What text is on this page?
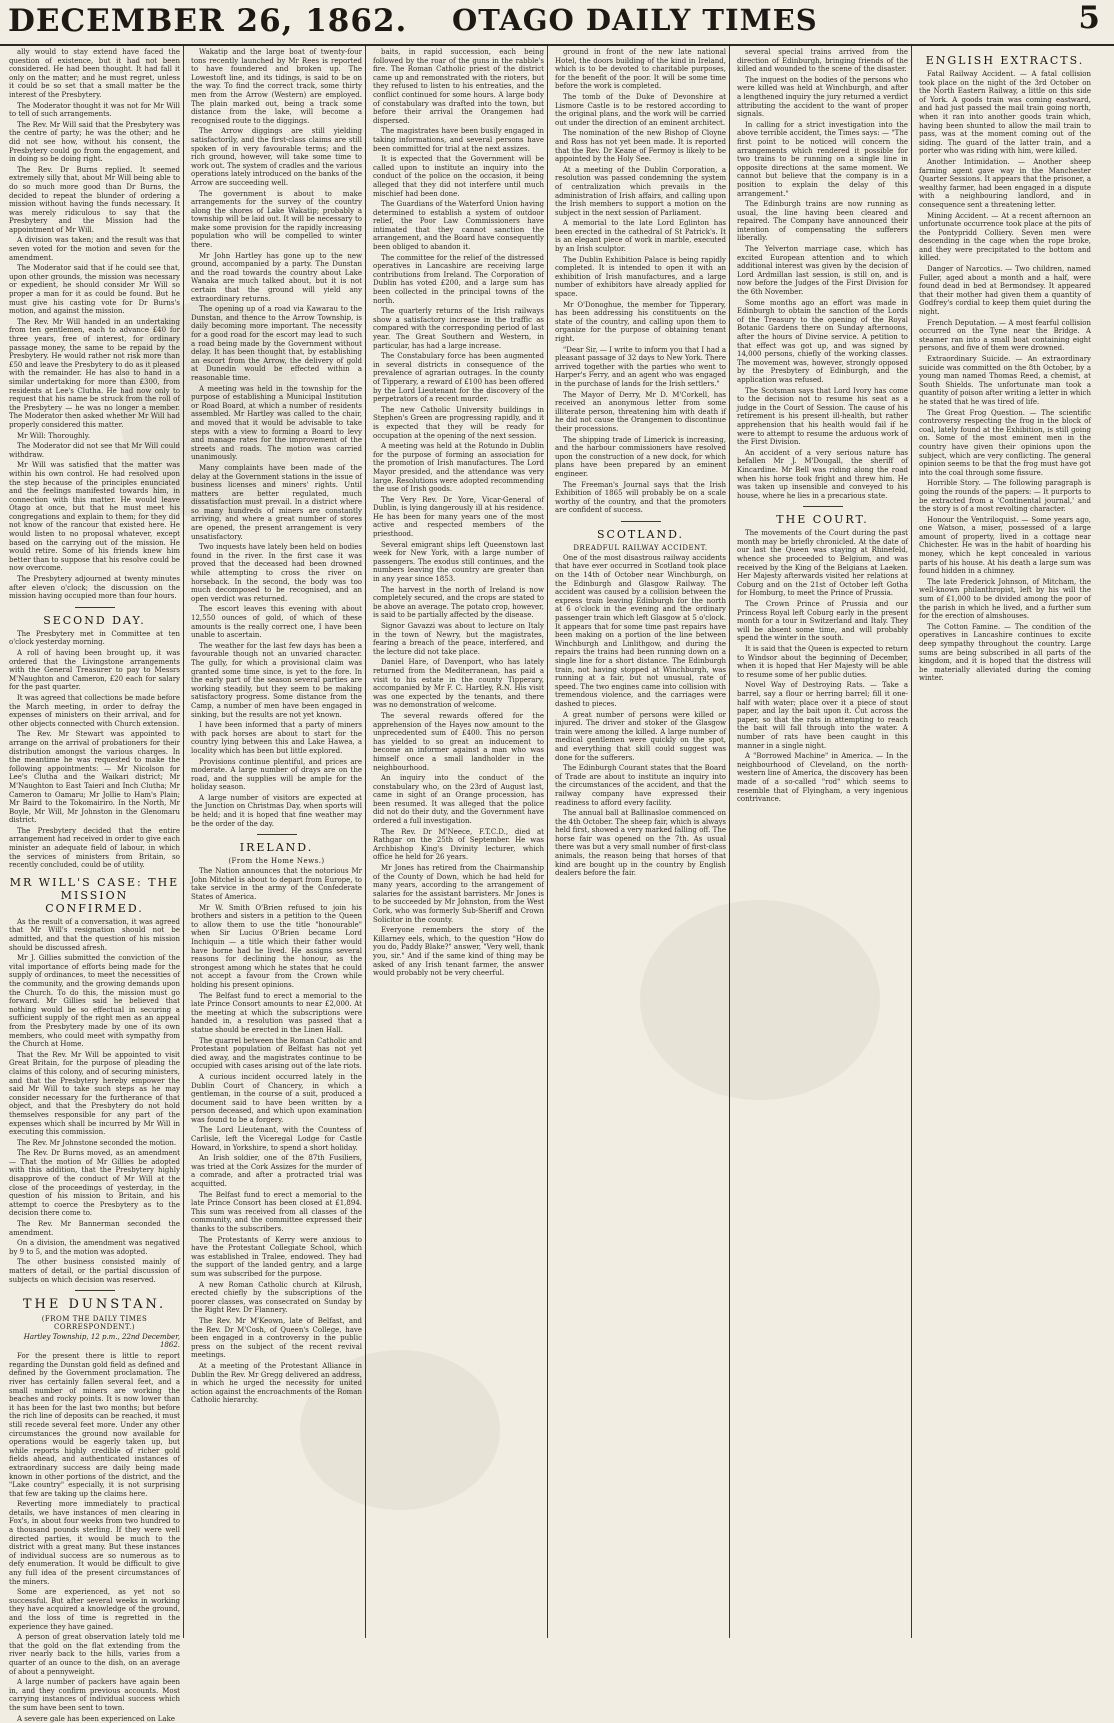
DECEMBER 26, 1862. OTAGO DAILY TIMES	5

ally would to stay extend have faced the question of existence, but it had not been considered. He had been thought. It had fall it only on the matter; and he must regret, unless it could be so set that a small matter be the interest of the Presbytery.

The Moderator thought it was not for Mr Will to tell of such arrangements.

The Rev. Mr Will said that the Presbytery was the centre of party; he was the other; and he did not see how, without his consent, the Presbytery could go from the engagement, and in doing so be doing right.

The Rev. Dr Burns replied. It seemed extremely silly that, about Mr Will being able to do so much more good than Dr Burns, the decided to repeat the blunder of ordering a mission without having the funds necessary. It was merely ridiculous to say that the Presbytery and the Mission had the appointment of Mr Will.

A division was taken; and the result was that seven voted for the motion and seven for the amendment.

The Moderator said that if he could see that, upon other grounds, the mission was necessary or expedient, he should consider Mr Will so proper a man for it as could be found. But he must give his casting vote for Dr Burns's motion, and against the mission.

The Rev. Mr Will handed in an undertaking from ten gentlemen, each to advance £40 for three years, free of interest, for ordinary passage money, the same to be repaid by the Presbytery. He would rather not risk more than £50 and leave the Presbytery to do as it pleased with the remainder. He has also to hand in a similar undertaking for more than £300, from residents at Lee's Clutha. He had now only to request that his name be struck from the roll of the Presbytery — he was no longer a member. The Moderator then asked whether Mr Will had properly considered this matter.

Mr Will: Thoroughly.

The Moderator did not see that Mr Will could withdraw.

Mr Will was satisfied that the matter was within his own control. He had resolved upon the step because of the principles enunciated and the feelings manifested towards him, in connection with this matter. He would leave Otago at once, but that he must meet his congregations and explain to them; for they did not know of the rancour that existed here. He would listen to no proposal whatever, except based on the carrying out of the mission. He would retire. Some of his friends knew him better than to suppose that his resolve could be now overcome.

The Presbytery adjourned at twenty minutes after eleven o'clock; the discussion on the mission having occupied more than four hours.

SECOND DAY.

The Presbytery met in Committee at ten o'clock yesterday morning.

A roll of having been brought up, it was ordered that the Livingstone arrangements with the General Treasurer to pay to Messrs M'Naughton and Cameron, £20 each for salary for the past quarter.

It was agreed that collections be made before the March meeting, in order to defray the expenses of ministers on their arrival, and for other objects connected with Church extension.

The Rev. Mr Stewart was appointed to arrange on the arrival of probationers for their distribution amongst the various charges. In the meantime he was requested to make the following appointments: — Mr Nicolson for Lee's Clutha and the Waikari district; Mr M'Naughton to East Taieri and Inch Clutha; Mr Cameron to Oamaru; Mr Jollie to Ham's Plain; Mr Baird to the Tokomairiro. In the North, Mr Boyle, Mr Will, Mr Johnston in the Glenomaru district.

The Presbytery decided that the entire arrangement had received in order to give each minister an adequate field of labour, in which the services of ministers from Britain, so recently concluded, could be of utility.

MR WILL'S CASE: THE MISSION CONFIRMED.

As the result of a conversation, it was agreed that Mr Will's resignation should not be admitted, and that the question of his mission should be discussed afresh.

Mr J. Gillies submitted the conviction of the vital importance of efforts being made for the supply of ordinances, to meet the necessities of the community, and the growing demands upon the Church. To do this, the mission must go forward. Mr Gillies said he believed that nothing would be so effectual in securing a sufficient supply of the right men as an appeal from the Presbytery made by one of its own members, who could meet with sympathy from the Church at Home.

That the Rev. Mr Will be appointed to visit Great Britain, for the purpose of pleading the claims of this colony, and of securing ministers, and that the Presbytery hereby empower the said Mr Will to take such steps as he may consider necessary for the furtherance of that object, and that the Presbytery do not hold themselves responsible for any part of the expenses which shall be incurred by Mr Will in executing this commission.

The Rev. Mr Johnstone seconded the motion.

The Rev. Dr Burns moved, as an amendment — That the motion of Mr Gillies be adopted with this addition, that the Presbytery highly disapprove of the conduct of Mr Will at the close of the proceedings of yesterday, in the question of his mission to Britain, and his attempt to coerce the Presbytery as to the decision there come to.

The Rev. Mr Bannerman seconded the amendment.

On a division, the amendment was negatived by 9 to 5, and the motion was adopted.

The other business consisted mainly of matters of detail, or the partial discussion of subjects on which decision was reserved.

THE DUNSTAN.
(FROM THE DAILY TIMES CORRESPONDENT.)
Hartley Township, 12 p.m., 22nd December, 1862.

For the present there is little to report regarding the Dunstan gold field as defined and defined by the Government proclamation. The river has certainly fallen several feet, and a small number of miners are working the beaches and rocky points. It is now lower than it has been for the last two months; but before the rich line of deposits can be reached, it must still recede several feet more. Under any other circumstances the ground now available for operations would be eagerly taken up, but while reports highly credible of richer gold fields ahead, and authenticated instances of extraordinary success are daily being made known in other portions of the district, and the "Lake country" especially, it is not surprising that few are taking up the claims here.

Reverting more immediately to practical details, we have instances of men clearing in Fox's, in about four weeks from two hundred to a thousand pounds sterling. If they were well directed parties, it would be much to the district with a great many. But these instances of individual success are so numerous as to defy enumeration. It would be difficult to give any full idea of the present circumstances of the miners.

Some are experienced, as yet not so successful. But after several weeks in working they have acquired a knowledge of the ground, and the loss of time is regretted in the experience they have gained.

A person of great observation lately told me that the gold on the flat extending from the river nearly back to the hills, varies from a quarter of an ounce to the dish, on an average of about a pennyweight.

A large number of packers have again been in, and they confirm previous accounts. Most carrying instances of individual success which the sum have been sent to town.

A severe gale has been experienced on Lake

Wakatip and the large boat of twenty-four tons recently launched by Mr Rees is reported to have foundered and broken up. The Lowestoft line, and its tidings, is said to be on the way. To find the correct track, some thirty men from the Arrow (Western) are employed. The plain marked out, being a track some distance from the lake, will become a recognised route to the diggings.

The Arrow diggings are still yielding satisfactorily, and the first-class claims are still spoken of in very favourable terms; and the rich ground, however, will take some time to work out. The system of cradles and the various operations lately introduced on the banks of the Arrow are succeeding well.

The government is about to make arrangements for the survey of the country along the shores of Lake Wakatip; probably a township will be laid out. It will be necessary to make some provision for the rapidly increasing population who will be compelled to winter there.

Mr John Hartley has gone up to the new ground, accompanied by a party. The Dunstan and the road towards the country about Lake Wanaka are much talked about, but it is not certain that the ground will yield any extraordinary returns.

The opening up of a road via Kawarau to the Dunstan, and thence to the Arrow Township, is daily becoming more important. The necessity for a good road for the escort may lead to such a road being made by the Government without delay. It has been thought that, by establishing an escort from the Arrow, the delivery of gold at Dunedin would be effected within a reasonable time.

A meeting was held in the township for the purpose of establishing a Municipal Institution or Road Board, at which a number of residents assembled. Mr Hartley was called to the chair, and moved that it would be advisable to take steps with a view to forming a Board to levy and manage rates for the improvement of the streets and roads. The motion was carried unanimously.

Many complaints have been made of the delay at the Government stations in the issue of business licenses and miners' rights. Until matters are better regulated, much dissatisfaction must prevail. In a district where so many hundreds of miners are constantly arriving, and where a great number of stores are opened, the present arrangement is very unsatisfactory.

Two inquests have lately been held on bodies found in the river. In the first case it was proved that the deceased had been drowned while attempting to cross the river on horseback. In the second, the body was too much decomposed to be recognised, and an open verdict was returned.

The escort leaves this evening with about 12,550 ounces of gold, of which of these amounts is the really correct one, I have been unable to ascertain.

The weather for the last few days has been a favourable though not an unvaried character. The gully, for which a provisional claim was granted some time since, is yet to the fore. In the early part of the season several parties are working steadily, but they seem to be making satisfactory progress. Some distance from the Camp, a number of men have been engaged in sinking, but the results are not yet known.

I have been informed that a party of miners with pack horses are about to start for the country lying between this and Lake Hawea, a locality which has been but little explored.

Provisions continue plentiful, and prices are moderate. A large number of drays are on the road, and the supplies will be ample for the holiday season.

A large number of visitors are expected at the Junction on Christmas Day, when sports will be held; and it is hoped that fine weather may be the order of the day.

IRELAND.
(From the Home News.)

The Nation announces that the notorious Mr John Mitchel is about to depart from Europe, to take service in the army of the Confederate States of America.

Mr W. Smith O'Brien refused to join his brothers and sisters in a petition to the Queen to allow them to use the title "honourable" when Sir Lucius O'Brien became Lord Inchiquin — a title which their father would have borne had he lived. He assigns several reasons for declining the honour, as the strongest among which he states that he could not accept a favour from the Crown while holding his present opinions.

The Belfast fund to erect a memorial to the late Prince Consort amounts to near £2,000. At the meeting at which the subscriptions were handed in, a resolution was passed that a statue should be erected in the Linen Hall.

The quarrel between the Roman Catholic and Protestant population of Belfast has not yet died away, and the magistrates continue to be occupied with cases arising out of the late riots.

A curious incident occurred lately in the Dublin Court of Chancery, in which a gentleman, in the course of a suit, produced a document said to have been written by a person deceased, and which upon examination was found to be a forgery.

The Lord Lieutenant, with the Countess of Carlisle, left the Viceregal Lodge for Castle Howard, in Yorkshire, to spend a short holiday.

An Irish soldier, one of the 87th Fusiliers, was tried at the Cork Assizes for the murder of a comrade, and after a protracted trial was acquitted.

The Belfast fund to erect a memorial to the late Prince Consort has been closed at £1,894. This sum was received from all classes of the community, and the committee expressed their thanks to the subscribers.

The Protestants of Kerry were anxious to have the Protestant Collegiate School, which was established in Tralee, endowed. They had the support of the landed gentry, and a large sum was subscribed for the purpose.

A new Roman Catholic church at Kilrush, erected chiefly by the subscriptions of the poorer classes, was consecrated on Sunday by the Right Rev. Dr Flannery.

The Rev. Mr M'Keown, late of Belfast, and the Rev. Dr M'Cosh, of Queen's College, have been engaged in a controversy in the public press on the subject of the recent revival meetings.

At a meeting of the Protestant Alliance in Dublin the Rev. Mr Gregg delivered an address, in which he urged the necessity for united action against the encroachments of the Roman Catholic hierarchy.

baits, in rapid succession, each being followed by the roar of the guns in the rabble's fire. The Roman Catholic priest of the district came up and remonstrated with the rioters, but they refused to listen to his entreaties, and the conflict continued for some hours. A large body of constabulary was drafted into the town, but before their arrival the Orangemen had dispersed.

The magistrates have been busily engaged in taking informations, and several persons have been committed for trial at the next assizes.

It is expected that the Government will be called upon to institute an inquiry into the conduct of the police on the occasion, it being alleged that they did not interfere until much mischief had been done.

The Guardians of the Waterford Union having determined to establish a system of outdoor relief, the Poor Law Commissioners have intimated that they cannot sanction the arrangement, and the Board have consequently been obliged to abandon it.

The committee for the relief of the distressed operatives in Lancashire are receiving large contributions from Ireland. The Corporation of Dublin has voted £200, and a large sum has been collected in the principal towns of the north.

The quarterly returns of the Irish railways show a satisfactory increase in the traffic as compared with the corresponding period of last year. The Great Southern and Western, in particular, has had a large increase.

The Constabulary force has been augmented in several districts in consequence of the prevalence of agrarian outrages. In the county of Tipperary, a reward of £100 has been offered by the Lord Lieutenant for the discovery of the perpetrators of a recent murder.

The new Catholic University buildings in Stephen's Green are progressing rapidly, and it is expected that they will be ready for occupation at the opening of the next session.

A meeting was held at the Rotundo in Dublin for the purpose of forming an association for the promotion of Irish manufactures. The Lord Mayor presided, and the attendance was very large. Resolutions were adopted recommending the use of Irish goods.

The Very Rev. Dr Yore, Vicar-General of Dublin, is lying dangerously ill at his residence. He has been for many years one of the most active and respected members of the priesthood.

Several emigrant ships left Queenstown last week for New York, with a large number of passengers. The exodus still continues, and the numbers leaving the country are greater than in any year since 1853.

The harvest in the north of Ireland is now completely secured, and the crops are stated to be above an average. The potato crop, however, is said to be partially affected by the disease.

Signor Gavazzi was about to lecture on Italy in the town of Newry, but the magistrates, fearing a breach of the peace, interfered, and the lecture did not take place.

Daniel Hare, of Davenport, who has lately returned from the Mediterranean, has paid a visit to his estate in the county Tipperary, accompanied by Mr F. C. Hartley, R.N. His visit was one expected by the tenants, and there was no demonstration of welcome.

The several rewards offered for the apprehension of the Hayes now amount to the unprecedented sum of £400. This no person has yielded to so great an inducement to become an informer against a man who was himself once a small landholder in the neighbourhood.

An inquiry into the conduct of the constabulary who, on the 23rd of August last, came in sight of an Orange procession, has been resumed. It was alleged that the police did not do their duty, and the Government have ordered a full investigation.

The Rev. Dr M'Neece, F.T.C.D., died at Rathgar on the 25th of September. He was Archbishop King's Divinity lecturer, which office he held for 26 years.

Mr Jones has retired from the Chairmanship of the County of Down, which he had held for many years, according to the arrangement of salaries for the assistant barristers. Mr Jones is to be succeeded by Mr Johnston, from the West Cork, who was formerly Sub-Sheriff and Crown Solicitor in the county.

Everyone remembers the story of the Killarney eels, which, to the question "How do you do, Paddy Blake?" answer, "Very well, thank you, sir." And if the same kind of thing may be asked of any Irish tenant farmer, the answer would probably not be very cheerful.

ground in front of the new late national Hotel, the doors building of the kind in Ireland, which is to be devoted to charitable purposes, for the benefit of the poor. It will be some time before the work is completed.

The tomb of the Duke of Devonshire at Lismore Castle is to be restored according to the original plans, and the work will be carried out under the direction of an eminent architect.

The nomination of the new Bishop of Cloyne and Ross has not yet been made. It is reported that the Rev. Dr Keane of Fermoy is likely to be appointed by the Holy See.

At a meeting of the Dublin Corporation, a resolution was passed condemning the system of centralization which prevails in the administration of Irish affairs, and calling upon the Irish members to support a motion on the subject in the next session of Parliament.

A memorial to the late Lord Eglinton has been erected in the cathedral of St Patrick's. It is an elegant piece of work in marble, executed by an Irish sculptor.

The Dublin Exhibition Palace is being rapidly completed. It is intended to open it with an exhibition of Irish manufactures, and a large number of exhibitors have already applied for space.

Mr O'Donoghue, the member for Tipperary, has been addressing his constituents on the state of the country, and calling upon them to organize for the purpose of obtaining tenant right.

"Dear Sir, — I write to inform you that I had a pleasant passage of 32 days to New York. There arrived together with the parties who went to Harper's Ferry, and an agent who was engaged in the purchase of lands for the Irish settlers."

The Mayor of Derry, Mr D. M'Corkell, has received an anonymous letter from some illiterate person, threatening him with death if he did not cause the Orangemen to discontinue their processions.

The shipping trade of Limerick is increasing, and the harbour commissioners have resolved upon the construction of a new dock, for which plans have been prepared by an eminent engineer.

The Freeman's Journal says that the Irish Exhibition of 1865 will probably be on a scale worthy of the country, and that the promoters are confident of success.

SCOTLAND.
DREADFUL RAILWAY ACCIDENT.

One of the most disastrous railway accidents that have ever occurred in Scotland took place on the 14th of October near Winchburgh, on the Edinburgh and Glasgow Railway. The accident was caused by a collision between the express train leaving Edinburgh for the north at 6 o'clock in the evening and the ordinary passenger train which left Glasgow at 5 o'clock. It appears that for some time past repairs have been making on a portion of the line between Winchburgh and Linlithgow, and during the repairs the trains had been running down on a single line for a short distance. The Edinburgh train, not having stopped at Winchburgh, was running at a fair, but not unusual, rate of speed. The two engines came into collision with tremendous violence, and the carriages were dashed to pieces.

A great number of persons were killed or injured. The driver and stoker of the Glasgow train were among the killed. A large number of medical gentlemen were quickly on the spot, and everything that skill could suggest was done for the sufferers.

The Edinburgh Courant states that the Board of Trade are about to institute an inquiry into the circumstances of the accident, and that the railway company have expressed their readiness to afford every facility.

The annual ball at Ballinasloe commenced on the 4th October. The sheep fair, which is always held first, showed a very marked falling off. The horse fair was opened on the 7th. As usual there was but a very small number of first-class animals, the reason being that horses of that kind are bought up in the country by English dealers before the fair.

several special trains arrived from the direction of Edinburgh, bringing friends of the killed and wounded to the scene of the disaster.

The inquest on the bodies of the persons who were killed was held at Winchburgh, and after a lengthened inquiry the jury returned a verdict attributing the accident to the want of proper signals.

In calling for a strict investigation into the above terrible accident, the Times says: — "The first point to be noticed will concern the arrangements which rendered it possible for two trains to be running on a single line in opposite directions at the same moment. We cannot but believe that the company is in a position to explain the delay of this arrangement."

The Edinburgh trains are now running as usual, the line having been cleared and repaired. The Company have announced their intention of compensating the sufferers liberally.

The Yelverton marriage case, which has excited European attention and to which additional interest was given by the decision of Lord Ardmillan last session, is still on, and is now before the Judges of the First Division for the 6th November.

Some months ago an effort was made in Edinburgh to obtain the sanction of the Lords of the Treasury to the opening of the Royal Botanic Gardens there on Sunday afternoons, after the hours of Divine service. A petition to that effect was got up, and was signed by 14,000 persons, chiefly of the working classes. The movement was, however, strongly opposed by the Presbytery of Edinburgh, and the application was refused.

The Scotsman says that Lord Ivory has come to the decision not to resume his seat as a judge in the Court of Session. The cause of his retirement is his present ill-health, but rather apprehension that his health would fail if he were to attempt to resume the arduous work of the First Division.

An accident of a very serious nature has befallen Mr J. M'Dougall, the sheriff of Kincardine. Mr Bell was riding along the road when his horse took fright and threw him. He was taken up insensible and conveyed to his house, where he lies in a precarious state.

THE COURT.

The movements of the Court during the past month may be briefly chronicled. At the date of our last the Queen was staying at Rhinefeld, whence she proceeded to Belgium, and was received by the King of the Belgians at Laeken. Her Majesty afterwards visited her relations at Coburg and on the 21st of October left Gotha for Homburg, to meet the Prince of Prussia.

The Crown Prince of Prussia and our Princess Royal left Coburg early in the present month for a tour in Switzerland and Italy. They will be absent some time, and will probably spend the winter in the south.

It is said that the Queen is expected to return to Windsor about the beginning of December, when it is hoped that Her Majesty will be able to resume some of her public duties.

Novel Way of Destroying Rats. — Take a barrel, say a flour or herring barrel; fill it one-half with water; place over it a piece of stout paper, and lay the bait upon it. Cut across the paper, so that the rats in attempting to reach the bait will fall through into the water. A number of rats have been caught in this manner in a single night.

A "Borrowed Machine" in America. — In the neighbourhood of Cleveland, on the north-western line of America, the discovery has been made of a so-called "rod" which seems to resemble that of Flyingham, a very ingenious contrivance.

ENGLISH EXTRACTS.

Fatal Railway Accident. — A fatal collision took place on the night of the 3rd October on the North Eastern Railway, a little on this side of York. A goods train was coming eastward, and had just passed the mail train going north, when it ran into another goods train which, having been shunted to allow the mail train to pass, was at the moment coming out of the siding. The guard of the latter train, and a porter who was riding with him, were killed.

Another Intimidation. — Another sheep farming agent gave way in the Manchester Quarter Sessions. It appears that the prisoner, a wealthy farmer, had been engaged in a dispute with a neighbouring landlord, and in consequence sent a threatening letter.

Mining Accident. — At a recent afternoon an unfortunate occurrence took place at the pits of the Pontypridd Colliery. Seven men were descending in the cage when the rope broke, and they were precipitated to the bottom and killed.

Danger of Narcotics. — Two children, named Fuller, aged about a month and a half, were found dead in bed at Bermondsey. It appeared that their mother had given them a quantity of Godfrey's cordial to keep them quiet during the night.

French Deputation. — A most fearful collision occurred on the Tyne near the Bridge. A steamer ran into a small boat containing eight persons, and five of them were drowned.

Extraordinary Suicide. — An extraordinary suicide was committed on the 8th October, by a young man named Thomas Reed, a chemist, at South Shields. The unfortunate man took a quantity of poison after writing a letter in which he stated that he was tired of life.

The Great Frog Question. — The scientific controversy respecting the frog in the block of coal, lately found at the Exhibition, is still going on. Some of the most eminent men in the country have given their opinions upon the subject, which are very conflicting. The general opinion seems to be that the frog must have got into the coal through some fissure.

Horrible Story. — The following paragraph is going the rounds of the papers: — It purports to be extracted from a 'Continental journal,' and the story is of a most revolting character.

Honour the Ventriloquist. — Some years ago, one Watson, a miser, possessed of a large amount of property, lived in a cottage near Chichester. He was in the habit of hoarding his money, which he kept concealed in various parts of his house. At his death a large sum was found hidden in a chimney.

The late Frederick Johnson, of Mitcham, the well-known philanthropist, left by his will the sum of £1,000 to be divided among the poor of the parish in which he lived, and a further sum for the erection of almshouses.

The Cotton Famine. — The condition of the operatives in Lancashire continues to excite deep sympathy throughout the country. Large sums are being subscribed in all parts of the kingdom, and it is hoped that the distress will be materially alleviated during the coming winter.
